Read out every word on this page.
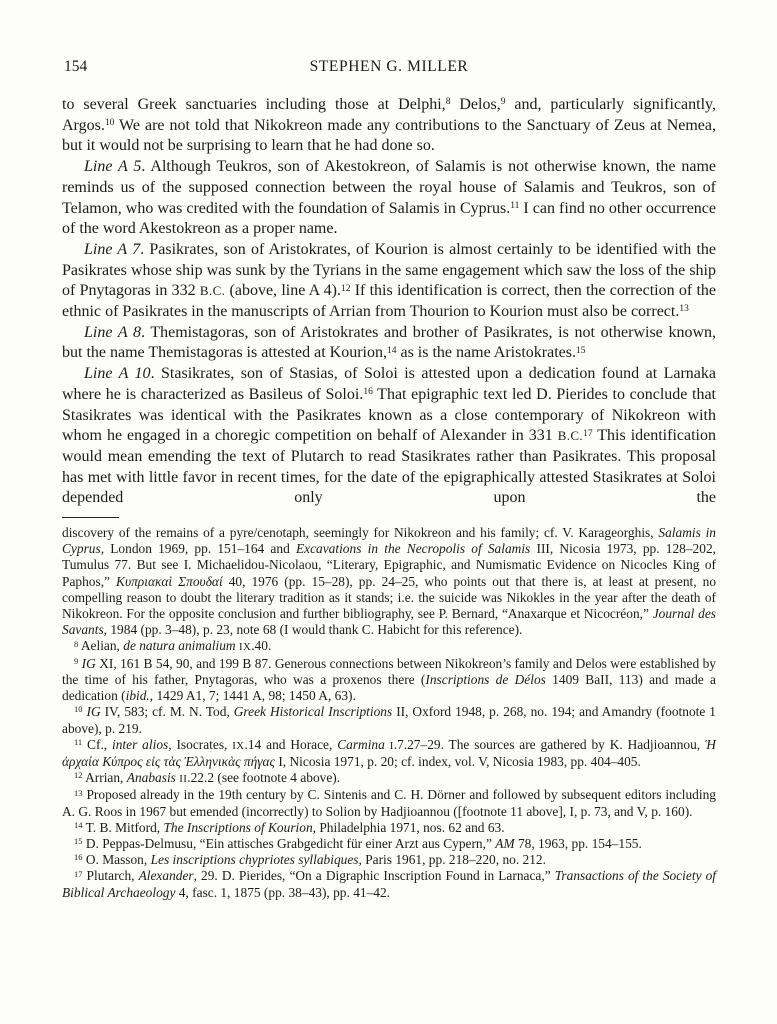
154	STEPHEN G. MILLER

to several Greek sanctuaries including those at Delphi,$^8$ Delos,$^9$ and, particularly significantly, Argos.$^{10}$ We are not told that Nikokreon made any contributions to the Sanctuary of Zeus at Nemea, but it would not be surprising to learn that he had done so.

Line A 5. Although Teukros, son of Akestokreon, of Salamis is not otherwise known, the name reminds us of the supposed connection between the royal house of Salamis and Teukros, son of Telamon, who was credited with the foundation of Salamis in Cyprus.$^{11}$ I can find no other occurrence of the word Akestokreon as a proper name.

Line A 7. Pasikrates, son of Aristokrates, of Kourion is almost certainly to be identified with the Pasikrates whose ship was sunk by the Tyrians in the same engagement which saw the loss of the ship of Pnytagoras in 332 B.C. (above, line A 4).$^{12}$ If this identification is correct, then the correction of the ethnic of Pasikrates in the manuscripts of Arrian from Thourion to Kourion must also be correct.$^{13}$

Line A 8. Themistagoras, son of Aristokrates and brother of Pasikrates, is not otherwise known, but the name Themistagoras is attested at Kourion,$^{14}$ as is the name Aristokrates.$^{15}$

Line A 10. Stasikrates, son of Stasias, of Soloi is attested upon a dedication found at Larnaka where he is characterized as Basileus of Soloi.$^{16}$ That epigraphic text led D. Pierides to conclude that Stasikrates was identical with the Pasikrates known as a close contemporary of Nikokreon with whom he engaged in a choregic competition on behalf of Alexander in 331 B.C.$^{17}$ This identification would mean emending the text of Plutarch to read Stasikrates rather than Pasikrates. This proposal has met with little favor in recent times, for the date of the epigraphically attested Stasikrates at Soloi depended only upon the

discovery of the remains of a pyre/cenotaph, seemingly for Nikokreon and his family; cf. V. Karageorghis, Salamis in Cyprus, London 1969, pp. 151–164 and Excavations in the Necropolis of Salamis III, Nicosia 1973, pp. 128–202, Tumulus 77. But see I. Michaelidou-Nicolaou, “Literary, Epigraphic, and Numismatic Evidence on Nicocles King of Paphos,” Κυπριακαὶ Σπουδαί 40, 1976 (pp. 15–28), pp. 24–25, who points out that there is, at least at present, no compelling reason to doubt the literary tradition as it stands; i.e. the suicide was Nikokles in the year after the death of Nikokreon. For the opposite conclusion and further bibliography, see P. Bernard, “Anaxarque et Nicocréon,” Journal des Savants, 1984 (pp. 3–48), p. 23, note 68 (I would thank C. Habicht for this reference).

$^8$ Aelian, de natura animalium IX.40.

$^9$ IG XI, 161 B 54, 90, and 199 B 87. Generous connections between Nikokreon’s family and Delos were established by the time of his father, Pnytagoras, who was a proxenos there (Inscriptions de Délos 1409 BaII, 113) and made a dedication (ibid., 1429 A1, 7; 1441 A, 98; 1450 A, 63).

$^{10}$ IG IV, 583; cf. M. N. Tod, Greek Historical Inscriptions II, Oxford 1948, p. 268, no. 194; and Amandry (footnote 1 above), p. 219.

$^{11}$ Cf., inter alios, Isocrates, IX.14 and Horace, Carmina I.7.27–29. The sources are gathered by K. Hadjioannou, Ἡ ἀρχαία Κύπρος εἰς τὰς Ἑλληνικὰς πήγας I, Nicosia 1971, p. 20; cf. index, vol. V, Nicosia 1983, pp. 404–405.

$^{12}$ Arrian, Anabasis II.22.2 (see footnote 4 above).

$^{13}$ Proposed already in the 19th century by C. Sintenis and C. H. Dörner and followed by subsequent editors including A. G. Roos in 1967 but emended (incorrectly) to Solion by Hadjioannou ([footnote 11 above], I, p. 73, and V, p. 160).

$^{14}$ T. B. Mitford, The Inscriptions of Kourion, Philadelphia 1971, nos. 62 and 63.

$^{15}$ D. Peppas-Delmusu, “Ein attisches Grabgedicht für einer Arzt aus Cypern,” AM 78, 1963, pp. 154–155.

$^{16}$ O. Masson, Les inscriptions chypriotes syllabiques, Paris 1961, pp. 218–220, no. 212.

$^{17}$ Plutarch, Alexander, 29. D. Pierides, “On a Digraphic Inscription Found in Larnaca,” Transactions of the Society of Biblical Archaeology 4, fasc. 1, 1875 (pp. 38–43), pp. 41–42.
